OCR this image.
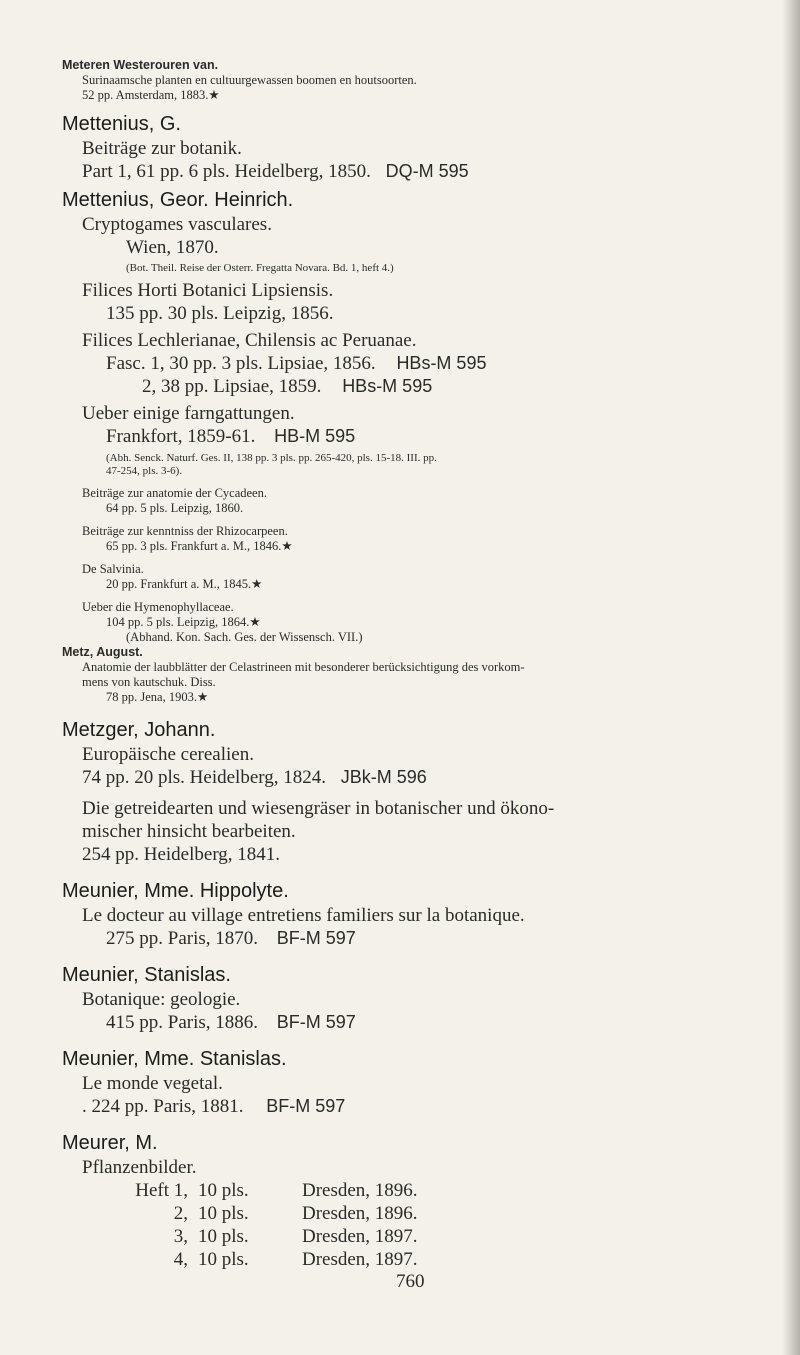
Meteren Westerouren van.
Surinaamsche planten en cultuurgewassen boomen en houtsoorten.
52 pp. Amsterdam, 1883.★
Mettenius, G.
Beiträge zur botanik.
Part 1, 61 pp. 6 pls. Heidelberg, 1850. DQ-M 595
Mettenius, Geor. Heinrich.
Cryptogames vasculares.
Wien, 1870.
(Bot. Theil. Reise der Osterr. Fregatta Novara. Bd. 1, heft 4.)
Filices Horti Botanici Lipsiensis.
135 pp. 30 pls. Leipzig, 1856.
Filices Lechlerianae, Chilensis ac Peruanae.
Fasc. 1, 30 pp. 3 pls. Lipsiae, 1856. HBs-M 595
2, 38 pp. Lipsiae, 1859. HBs-M 595
Ueber einige farngattungen.
Frankfort, 1859-61. HB-M 595
(Abh. Senck. Naturf. Ges. II, 138 pp. 3 pls. pp. 265-420, pls. 15-18. III. pp.
47-254, pls. 3-6).
Beiträge zur anatomie der Cycadeen.
64 pp. 5 pls. Leipzig, 1860.
Beiträge zur kenntniss der Rhizocarpeen.
65 pp. 3 pls. Frankfurt a. M., 1846.★
De Salvinia.
20 pp. Frankfurt a. M., 1845.★
Ueber die Hymenophyllaceae.
104 pp. 5 pls. Leipzig, 1864.★
(Abhand. Kon. Sach. Ges. der Wissensch. VII.)
Metz, August.
Anatomie der laubblätter der Celastrineen mit besonderer berücksichtigung des vorkom-
mens von kautschuk. Diss.
78 pp. Jena, 1903.★
Metzger, Johann.
Europäische cerealien.
74 pp. 20 pls. Heidelberg, 1824. JBk-M 596
Die getreidearten und wiesengräser in botanischer und ökono-
mischer hinsicht bearbeiten.
254 pp. Heidelberg, 1841.
Meunier, Mme. Hippolyte.
Le docteur au village entretiens familiers sur la botanique.
275 pp. Paris, 1870. BF-M 597
Meunier, Stanislas.
Botanique: geologie.
415 pp. Paris, 1886. BF-M 597
Meunier, Mme. Stanislas.
Le monde vegetal.
. 224 pp. Paris, 1881. BF-M 597
Meurer, M.
Pflanzenbilder.
Heft 1,	10 pls.	Dresden, 1896.
2,	10 pls.	Dresden, 1896.
3,	10 pls.	Dresden, 1897.
4,	10 pls.	Dresden, 1897.
760
